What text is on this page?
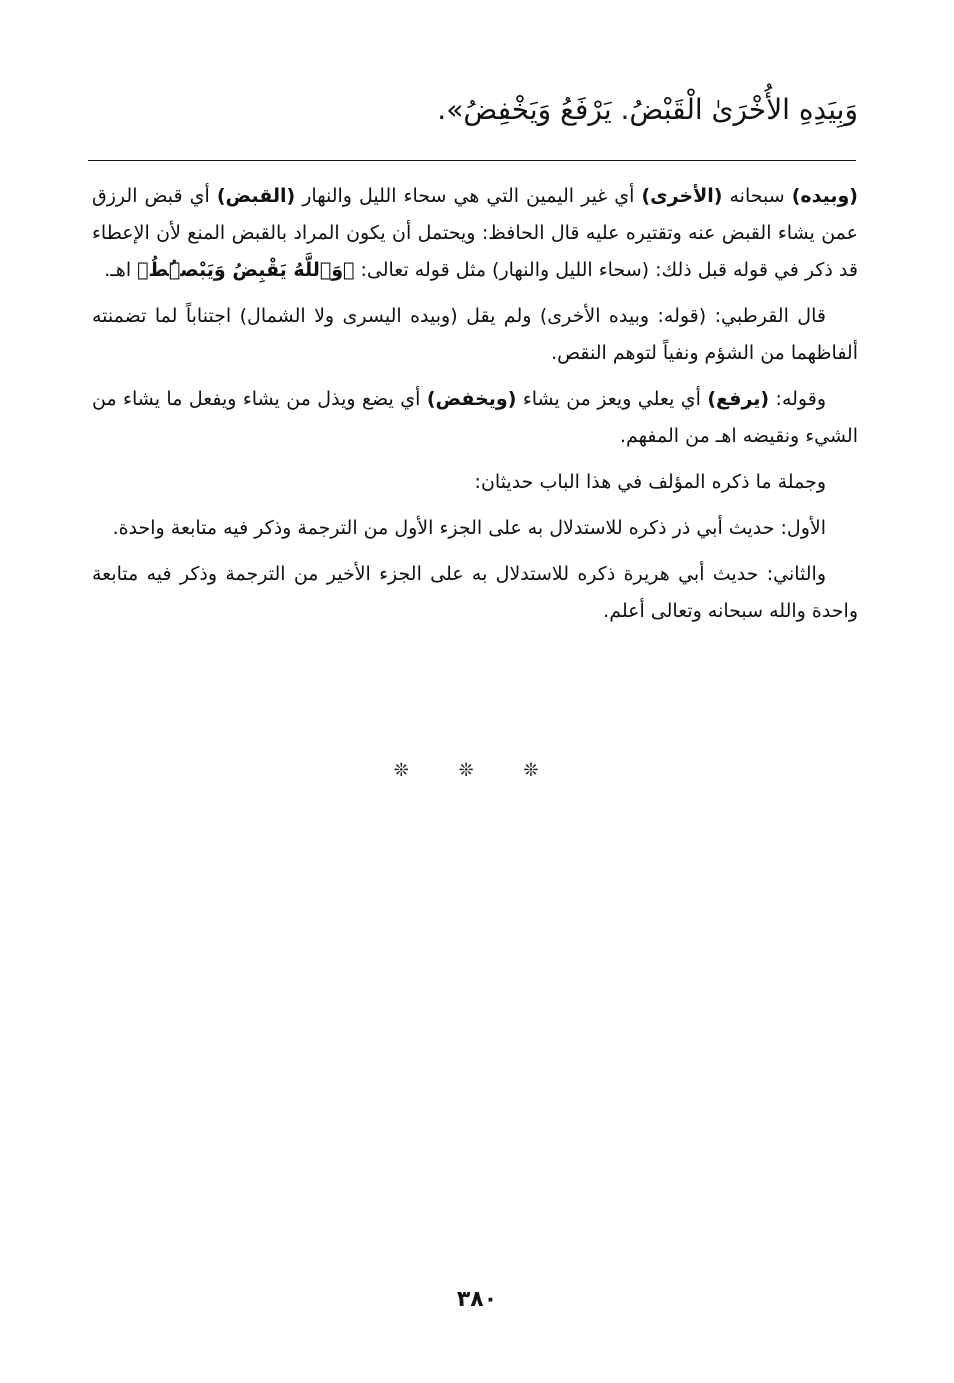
وَبِيَدِهِ الأُخْرَىٰ الْقَبْضُ. يَرْفَعُ وَيَخْفِضُ».

(وبيده) سبحانه (الأخرى) أي غير اليمين التي هي سحاء الليل والنهار (القبض) أي قبض الرزق عمن يشاء القبض عنه وتقتيره عليه قال الحافظ: ويحتمل أن يكون المراد بالقبض المنع لأن الإعطاء قد ذكر في قوله قبل ذلك: (سحاء الليل والنهار) مثل قوله تعالى: ﴿وَٱللَّهُ يَقْبِضُ وَيَبْصُۜطُ﴾ اهـ.

قال القرطبي: (قوله: وبيده الأخرى) ولم يقل (وبيده اليسرى ولا الشمال) اجتناباً لما تضمنته ألفاظهما من الشؤم ونفياً لتوهم النقص.

وقوله: (يرفع) أي يعلي ويعز من يشاء (ويخفض) أي يضع ويذل من يشاء ويفعل ما يشاء من الشيء ونقيضه اهـ من المفهم.

وجملة ما ذكره المؤلف في هذا الباب حديثان:

الأول: حديث أبي ذر ذكره للاستدلال به على الجزء الأول من الترجمة وذكر فيه متابعة واحدة.

والثاني: حديث أبي هريرة ذكره للاستدلال به على الجزء الأخير من الترجمة وذكر فيه متابعة واحدة والله سبحانه وتعالى أعلم.

❊ ❊ ❊
٣٨٠
